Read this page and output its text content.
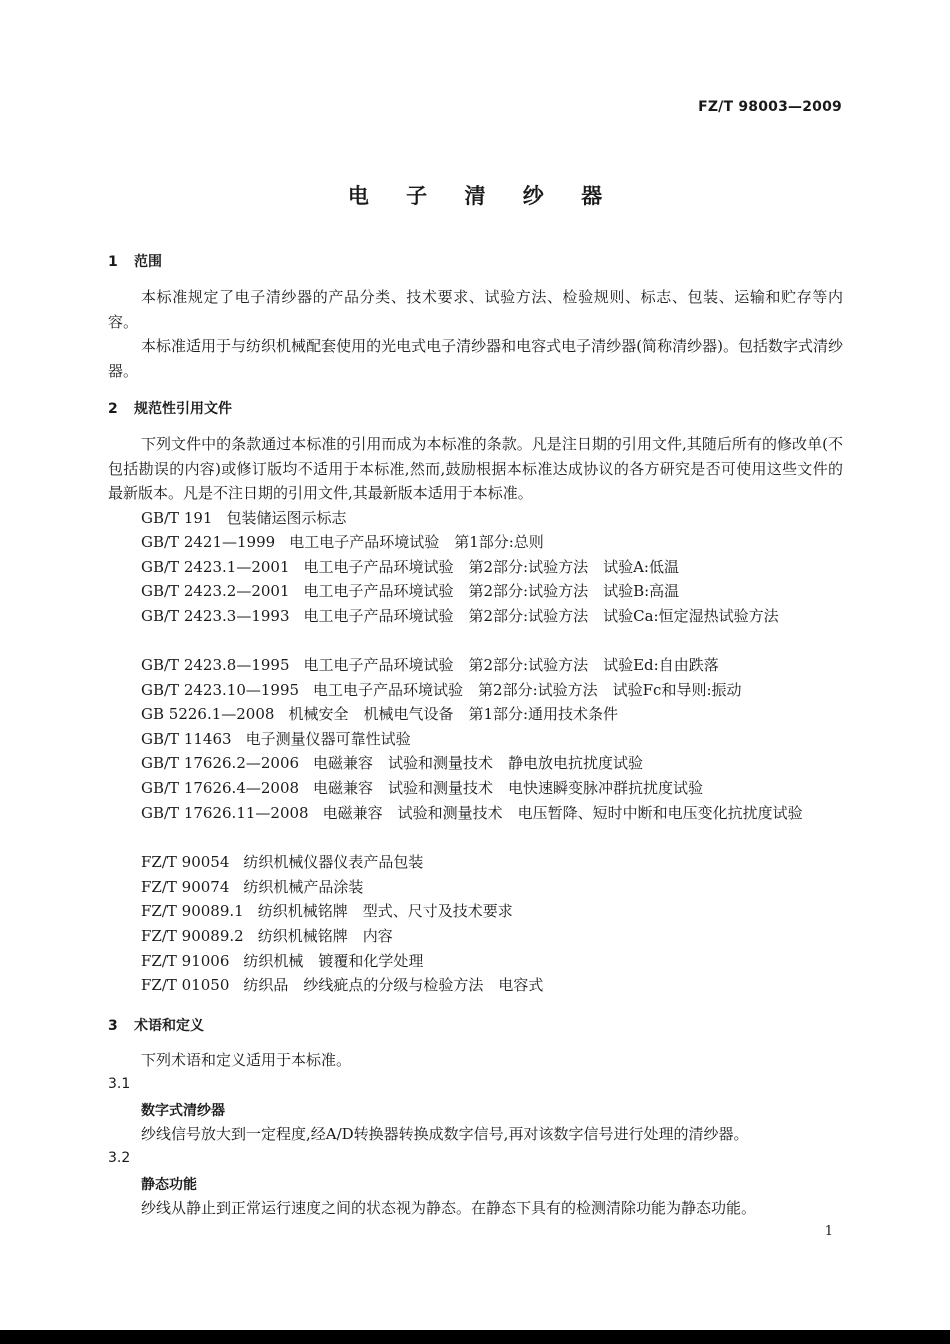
FZ/T 98003—2009
电 子 清 纱 器
1 范围
本标准规定了电子清纱器的产品分类、技术要求、试验方法、检验规则、标志、包装、运输和贮存等内容。
本标准适用于与纺织机械配套使用的光电式电子清纱器和电容式电子清纱器(简称清纱器)。包括数字式清纱器。
2 规范性引用文件
下列文件中的条款通过本标准的引用而成为本标准的条款。凡是注日期的引用文件,其随后所有的修改单(不包括勘误的内容)或修订版均不适用于本标准,然而,鼓励根据本标准达成协议的各方研究是否可使用这些文件的最新版本。凡是不注日期的引用文件,其最新版本适用于本标准。
GB/T 191 包装储运图示标志
GB/T 2421—1999 电工电子产品环境试验　第1部分:总则
GB/T 2423.1—2001 电工电子产品环境试验　第2部分:试验方法　试验A:低温
GB/T 2423.2—2001 电工电子产品环境试验　第2部分:试验方法　试验B:高温
GB/T 2423.3—1993 电工电子产品环境试验　第2部分:试验方法　试验Ca:恒定湿热试验方法
GB/T 2423.8—1995 电工电子产品环境试验　第2部分:试验方法　试验Ed:自由跌落
GB/T 2423.10—1995 电工电子产品环境试验　第2部分:试验方法　试验Fc和导则:振动
GB 5226.1—2008 机械安全　机械电气设备　第1部分:通用技术条件
GB/T 11463 电子测量仪器可靠性试验
GB/T 17626.2—2006 电磁兼容　试验和测量技术　静电放电抗扰度试验
GB/T 17626.4—2008 电磁兼容　试验和测量技术　电快速瞬变脉冲群抗扰度试验
GB/T 17626.11—2008 电磁兼容　试验和测量技术　电压暂降、短时中断和电压变化抗扰度试验
FZ/T 90054 纺织机械仪器仪表产品包装
FZ/T 90074 纺织机械产品涂装
FZ/T 90089.1 纺织机械铭牌　型式、尺寸及技术要求
FZ/T 90089.2 纺织机械铭牌　内容
FZ/T 91006 纺织机械　镀覆和化学处理
FZ/T 01050 纺织品　纱线疵点的分级与检验方法　电容式
3 术语和定义
下列术语和定义适用于本标准。
3.1
数字式清纱器
纱线信号放大到一定程度,经A/D转换器转换成数字信号,再对该数字信号进行处理的清纱器。
3.2
静态功能
纱线从静止到正常运行速度之间的状态视为静态。在静态下具有的检测清除功能为静态功能。
1
